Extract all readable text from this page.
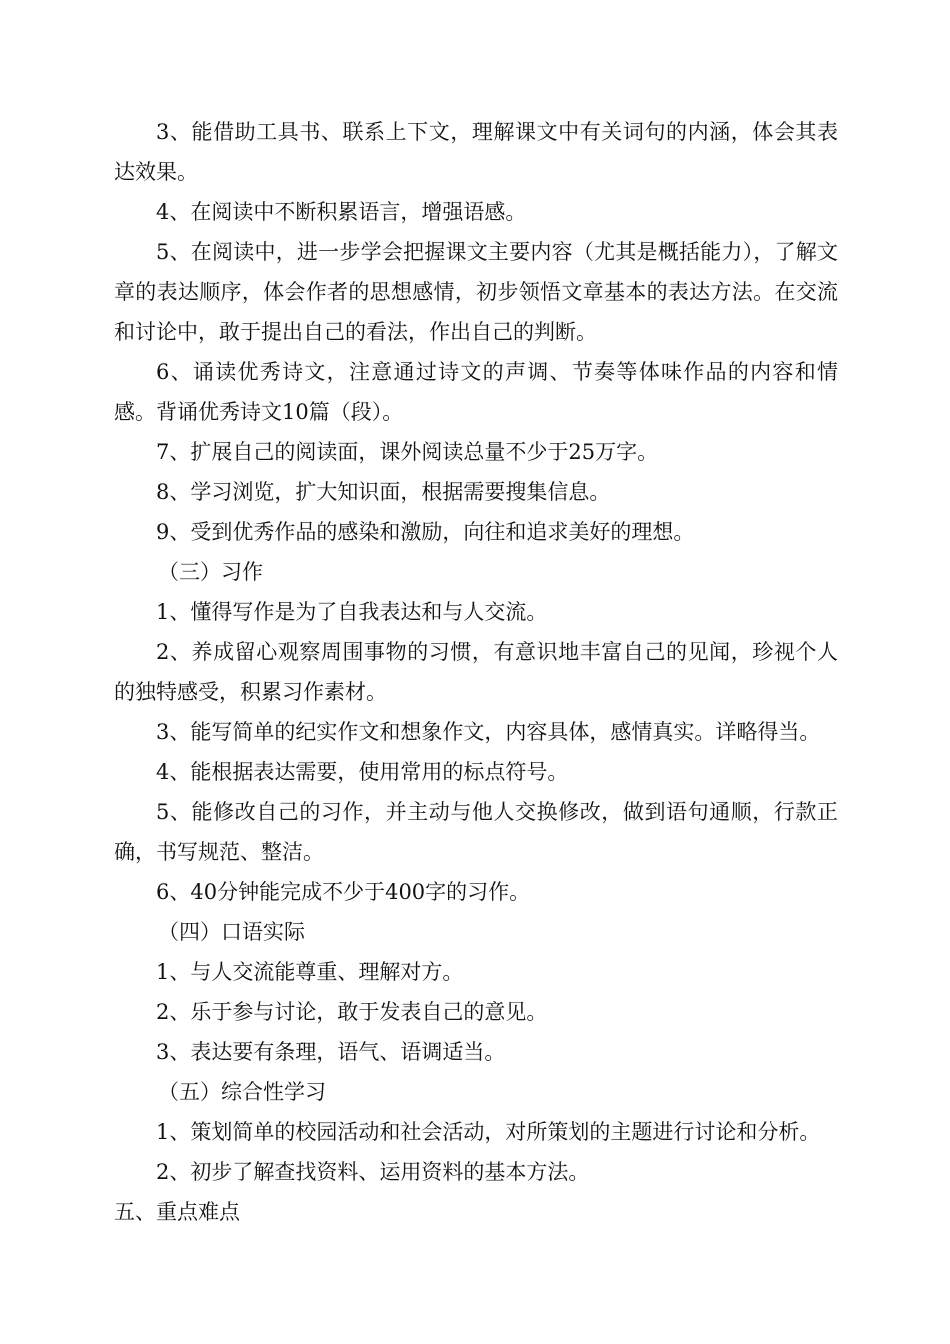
3、能借助工具书、联系上下文，理解课文中有关词句的内涵，体会其表达效果。

4、在阅读中不断积累语言，增强语感。

5、在阅读中，进一步学会把握课文主要内容（尤其是概括能力），了解文章的表达顺序，体会作者的思想感情，初步领悟文章基本的表达方法。在交流和讨论中，敢于提出自己的看法，作出自己的判断。

6、诵读优秀诗文，注意通过诗文的声调、节奏等体味作品的内容和情感。背诵优秀诗文10篇（段）。

7、扩展自己的阅读面，课外阅读总量不少于25万字。

8、学习浏览，扩大知识面，根据需要搜集信息。

9、受到优秀作品的感染和激励，向往和追求美好的理想。

（三）习作

1、懂得写作是为了自我表达和与人交流。

2、养成留心观察周围事物的习惯，有意识地丰富自己的见闻，珍视个人的独特感受，积累习作素材。

3、能写简单的纪实作文和想象作文，内容具体，感情真实。详略得当。

4、能根据表达需要，使用常用的标点符号。

5、能修改自己的习作，并主动与他人交换修改，做到语句通顺，行款正确，书写规范、整洁。

6、40分钟能完成不少于400字的习作。

（四）口语实际

1、与人交流能尊重、理解对方。

2、乐于参与讨论，敢于发表自己的意见。

3、表达要有条理，语气、语调适当。

（五）综合性学习

1、策划简单的校园活动和社会活动，对所策划的主题进行讨论和分析。

2、初步了解查找资料、运用资料的基本方法。

五、重点难点
